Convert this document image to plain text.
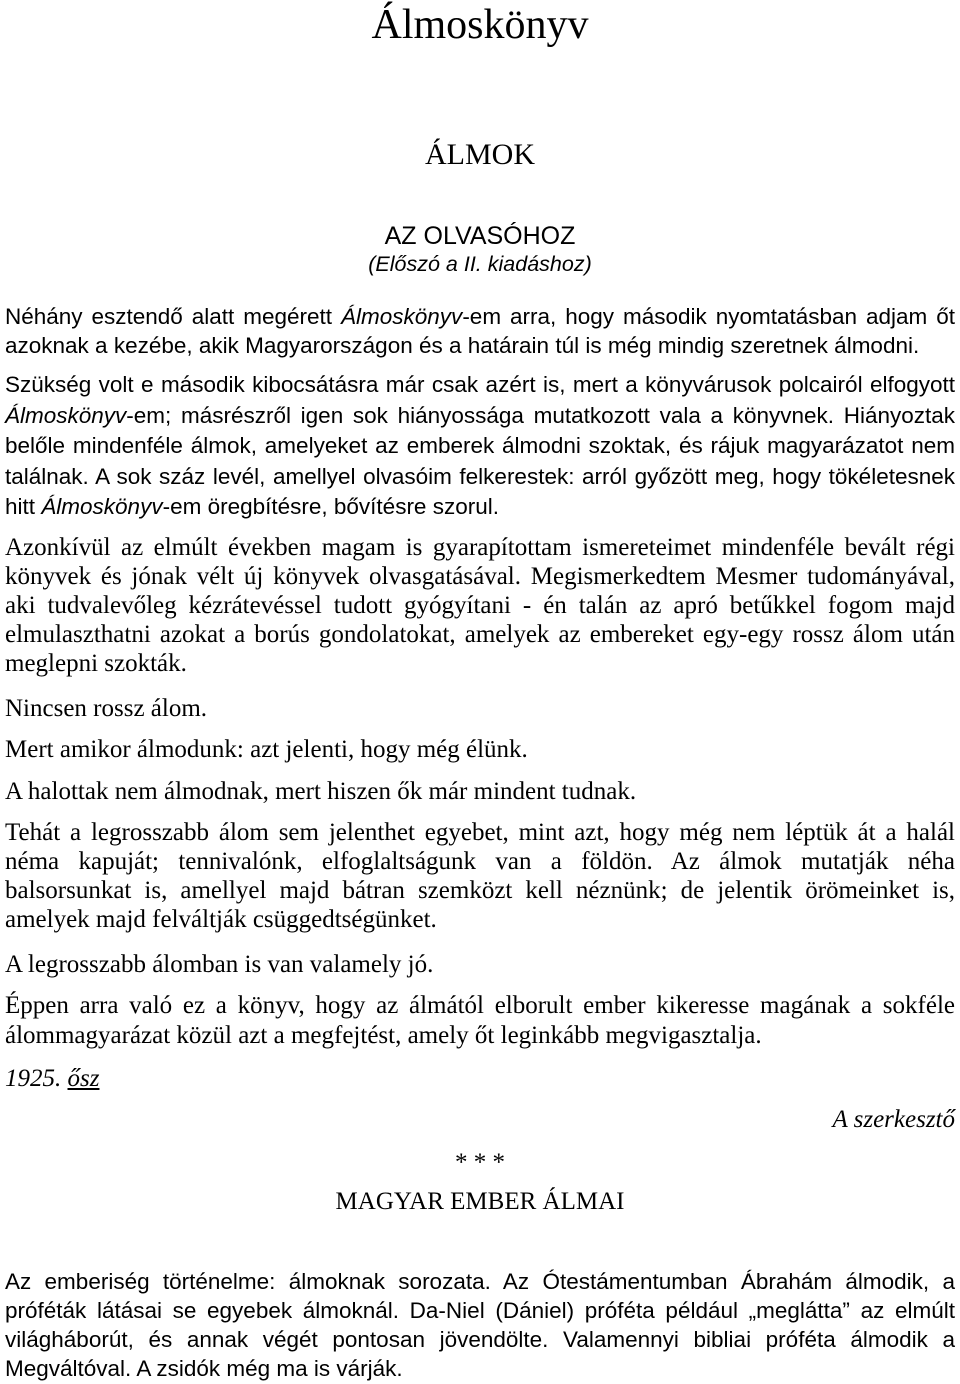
Álmoskönyv
ÁLMOK
AZ OLVASÓHOZ
(Előszó a II. kiadáshoz)

Néhány esztendő alatt megérett Álmoskönyv-em arra, hogy második nyomtatásban adjam őt azoknak a kezébe, akik Magyarországon és a határain túl is még mindig szeretnek álmodni.

Szükség volt e második kibocsátásra már csak azért is, mert a könyvárusok polcairól elfogyott Álmoskönyv-em; másrészről igen sok hiányossága mutatkozott vala a könyvnek. Hiányoztak belőle mindenféle álmok, amelyeket az emberek álmodni szoktak, és rájuk magyarázatot nem találnak. A sok száz levél, amellyel olvasóim felkerestek: arról győzött meg, hogy tökéletesnek hitt Álmoskönyv-em öregbítésre, bővítésre szorul.

Azonkívül az elmúlt években magam is gyarapítottam ismereteimet mindenféle bevált régi könyvek és jónak vélt új könyvek olvasgatásával. Megismerkedtem Mesmer tudományával, aki tudvalevőleg kézrátevéssel tudott gyógyítani - én talán az apró betűkkel fogom majd elmulaszthatni azokat a borús gondolatokat, amelyek az embereket egy-egy rossz álom után meglepni szokták.

Nincsen rossz álom.

Mert amikor álmodunk: azt jelenti, hogy még élünk.

A halottak nem álmodnak, mert hiszen ők már mindent tudnak.

Tehát a legrosszabb álom sem jelenthet egyebet, mint azt, hogy még nem léptük át a halál néma kapuját; tennivalónk, elfoglaltságunk van a földön. Az álmok mutatják néha balsorsunkat is, amellyel majd bátran szemközt kell néznünk; de jelentik örömeinket is, amelyek majd felváltják csüggedtségünket.

A legrosszabb álomban is van valamely jó.

Éppen arra való ez a könyv, hogy az álmától elborult ember kikeresse magának a sokféle álommagyarázat közül azt a megfejtést, amely őt leginkább megvigasztalja.

1925. ősz
A szerkesztő
* * *
MAGYAR EMBER ÁLMAI

Az emberiség történelme: álmoknak sorozata. Az Ótestámentumban Ábrahám álmodik, a próféták látásai se egyebek álmoknál. Da-Niel (Dániel) próféta például „meglátta” az elmúlt világháborút, és annak végét pontosan jövendölte. Valamennyi bibliai próféta álmodik a Megváltóval. A zsidók még ma is várják.
